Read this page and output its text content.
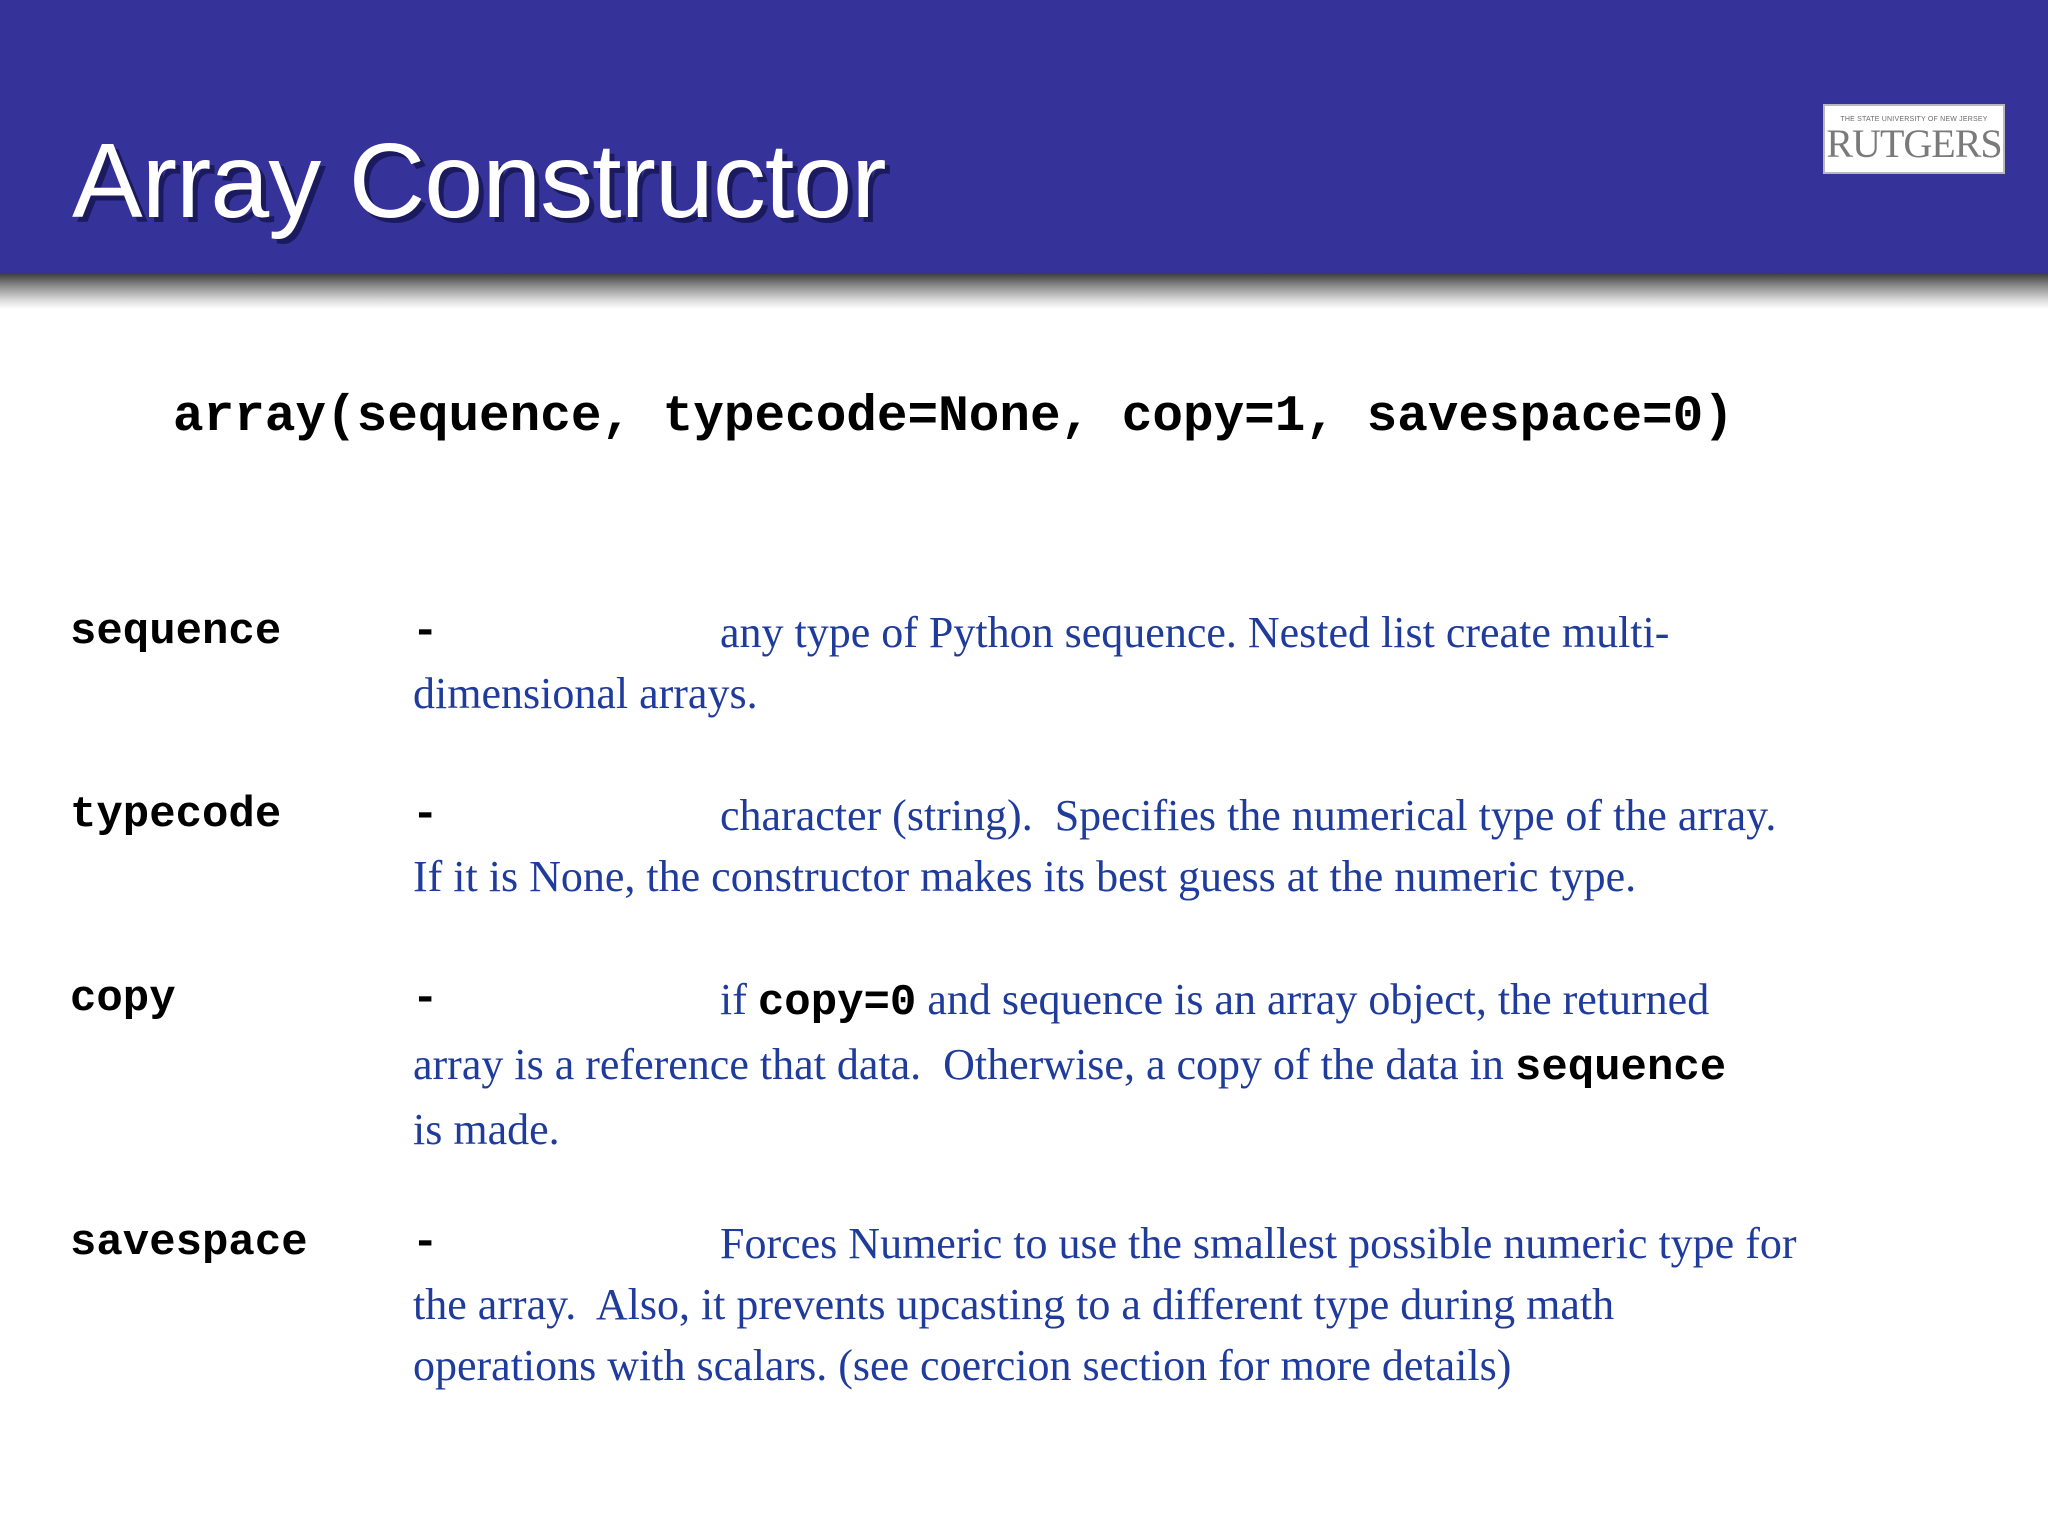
Array Constructor
THE STATE UNIVERSITY OF NEW JERSEY
RUTGERS
array(sequence, typecode=None, copy=1, savespace=0)
sequence	-	any type of Python sequence. Nested list create multi-
dimensional arrays.
typecode	-	character (string).  Specifies the numerical type of the array.
If it is None, the constructor makes its best guess at the numeric type.
copy	-	if copy=0 and sequence is an array object, the returned
array is a reference that data.  Otherwise, a copy of the data in sequence
is made.
savespace -	Forces Numeric to use the smallest possible numeric type for
the array.  Also, it prevents upcasting to a different type during math
operations with scalars. (see coercion section for more details)
